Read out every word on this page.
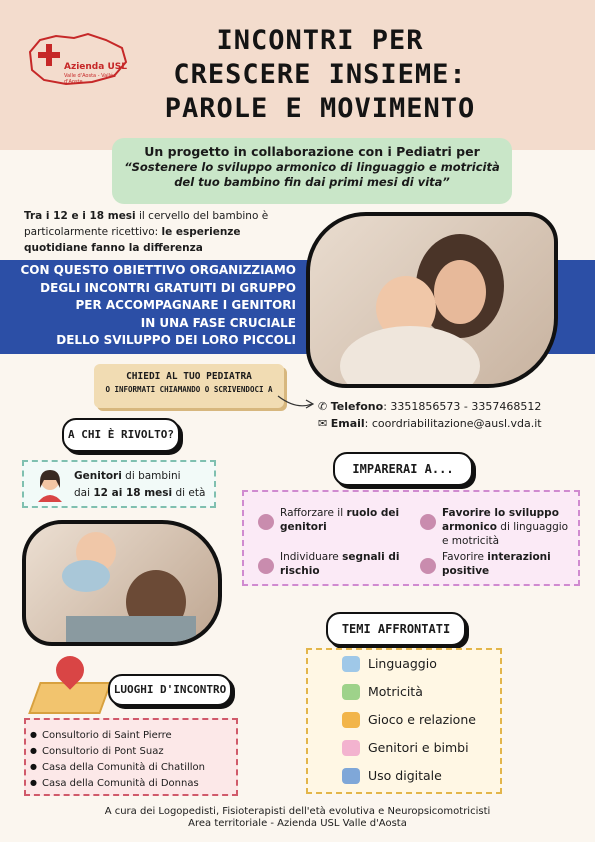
Azienda USL
Valle d'Aosta - Vallée d'Aoste
INCONTRI PER
CRESCERE INSIEME:
PAROLE E MOVIMENTO
Un progetto in collaborazione con i Pediatri per
“Sostenere lo sviluppo armonico di linguaggio e motricità
del tuo bambino fin dai primi mesi di vita”
Tra i 12 e i 18 mesi il cervello del bambino è particolarmente ricettivo: le esperienze quotidiane fanno la differenza
CON QUESTO OBIETTIVO ORGANIZZIAMO
DEGLI INCONTRI GRATUITI DI GRUPPO
PER ACCOMPAGNARE I GENITORI
IN UNA FASE CRUCIALE
DELLO SVILUPPO DEI LORO PICCOLI
CHIEDI AL TUO PEDIATRA
O INFORMATI CHIAMANDO O SCRIVENDOCI A
✆ Telefono: 3351856573 - 3357468512
✉ Email: coordriabilitazione@ausl.vda.it
A CHI È RIVOLTO?
Genitori di bambini
dai 12 ai 18 mesi di età
IMPARERAI A...
Rafforzare il ruolo dei genitori
Favorire lo sviluppo armonico di linguaggio e motricità
Individuare segnali di rischio
Favorire interazioni positive
TEMI AFFRONTATI
Linguaggio
Motricità
Gioco e relazione
Genitori e bimbi
Uso digitale
LUOGHI D'INCONTRO
● Consultorio di Saint Pierre
● Consultorio di Pont Suaz
● Casa della Comunità di Chatillon
● Casa della Comunità di Donnas
A cura dei Logopedisti, Fisioterapisti dell'età evolutiva e Neuropsicomotricisti
Area territoriale - Azienda USL Valle d'Aosta
